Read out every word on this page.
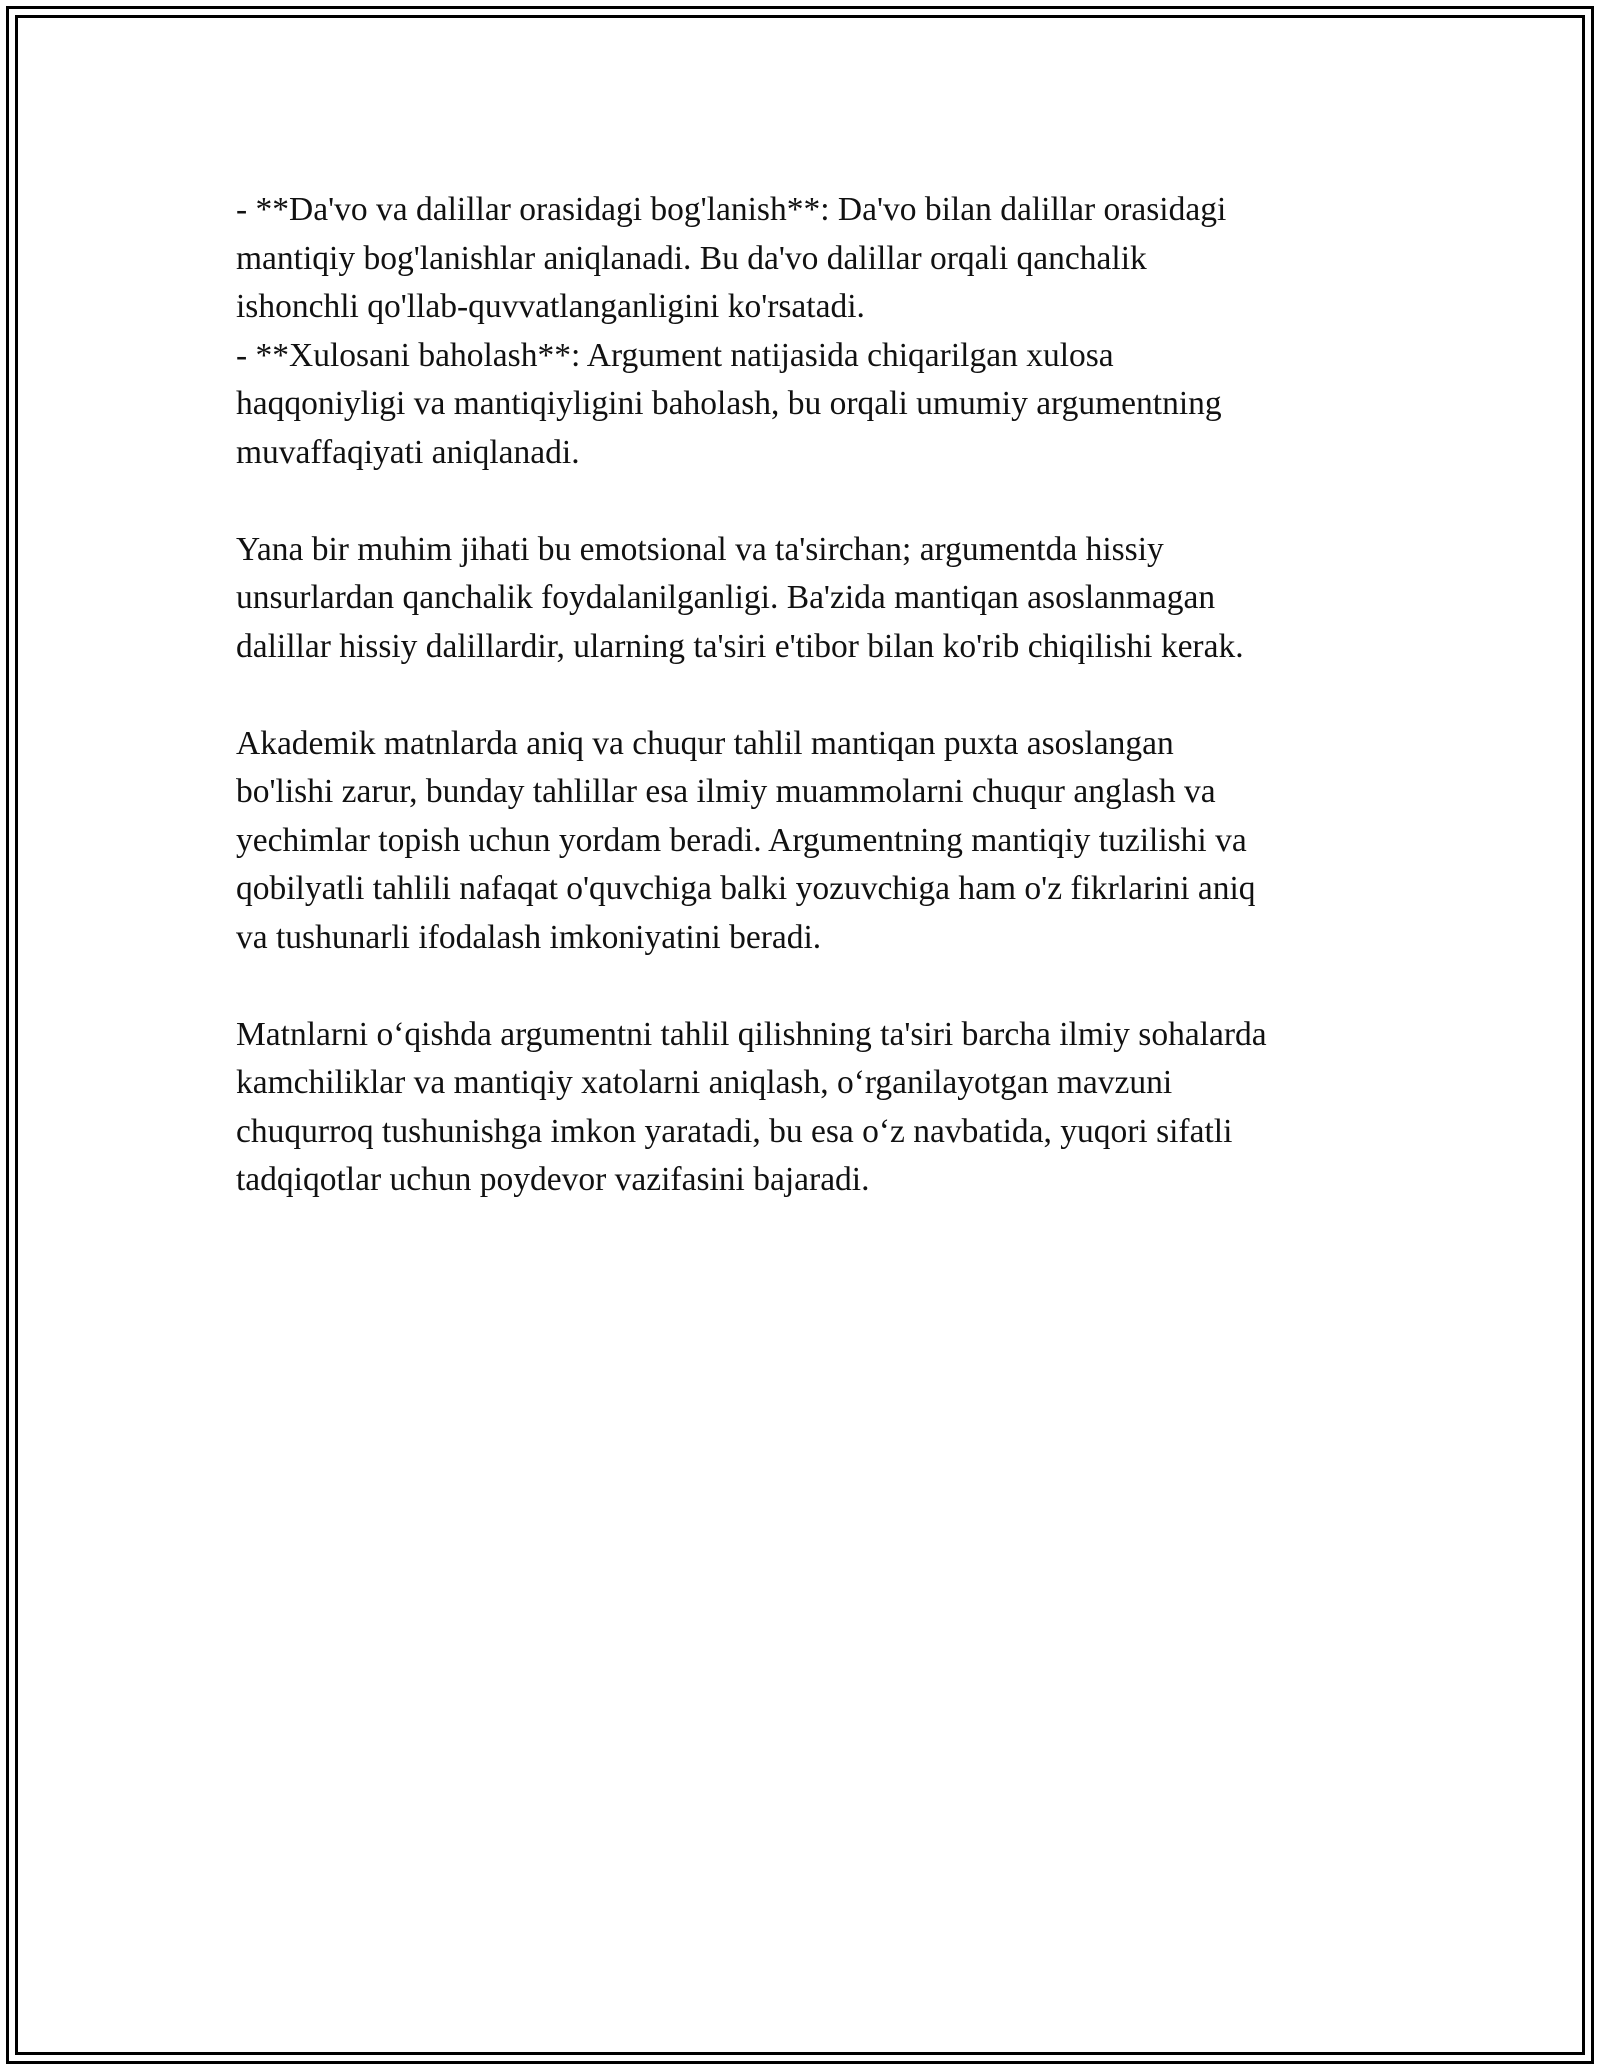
- **Da'vo va dalillar orasidagi bog'lanish**: Da'vo bilan dalillar orasidagi
mantiqiy bog'lanishlar aniqlanadi. Bu da'vo dalillar orqali qanchalik
ishonchli qo'llab-quvvatlanganligini ko'rsatadi.
- **Xulosani baholash**: Argument natijasida chiqarilgan xulosa
haqqoniyligi va mantiqiyligini baholash, bu orqali umumiy argumentning
muvaffaqiyati aniqlanadi.

Yana bir muhim jihati bu emotsional va ta'sirchan; argumentda hissiy
unsurlardan qanchalik foydalanilganligi. Ba'zida mantiqan asoslanmagan
dalillar hissiy dalillardir, ularning ta'siri e'tibor bilan ko'rib chiqilishi kerak.

Akademik matnlarda aniq va chuqur tahlil mantiqan puxta asoslangan
bo'lishi zarur, bunday tahlillar esa ilmiy muammolarni chuqur anglash va
yechimlar topish uchun yordam beradi. Argumentning mantiqiy tuzilishi va
qobilyatli tahlili nafaqat o'quvchiga balki yozuvchiga ham o'z fikrlarini aniq
va tushunarli ifodalash imkoniyatini beradi.

Matnlarni oʻqishda argumentni tahlil qilishning ta'siri barcha ilmiy sohalarda
kamchiliklar va mantiqiy xatolarni aniqlash, oʻrganilayotgan mavzuni
chuqurroq tushunishga imkon yaratadi, bu esa oʻz navbatida, yuqori sifatli
tadqiqotlar uchun poydevor vazifasini bajaradi.
